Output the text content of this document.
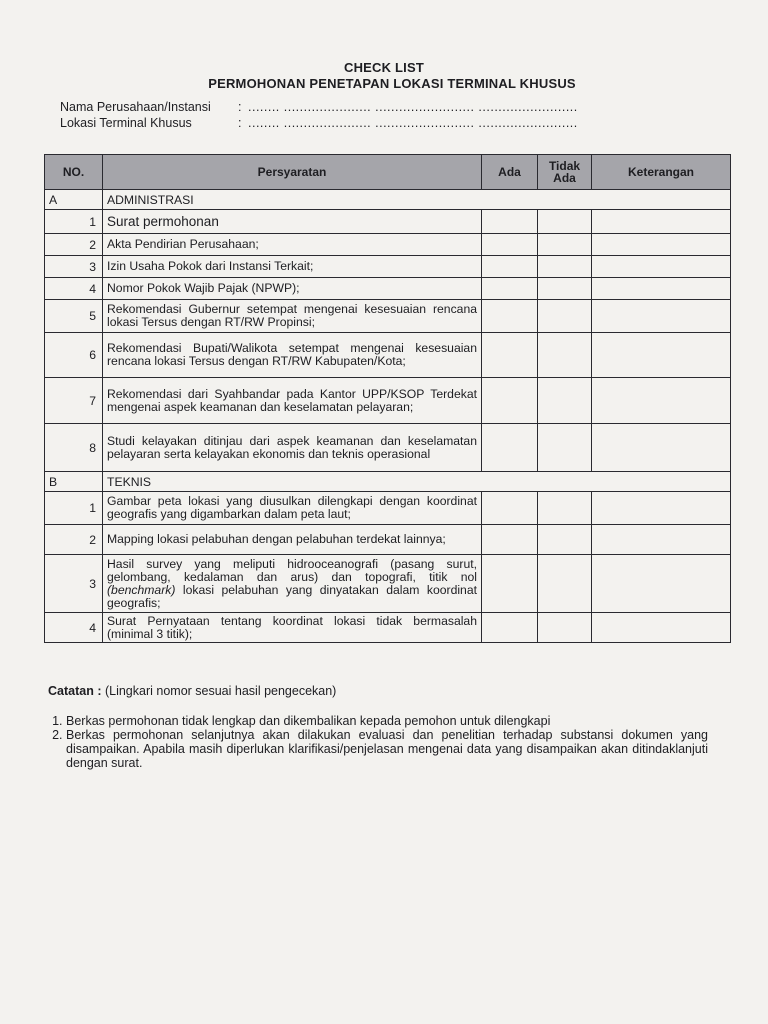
CHECK LIST
PERMOHONAN PENETAPAN LOKASI TERMINAL KHUSUS
Nama Perusahaan/Instansi : ........ ...................... ......................... .........................
Lokasi Terminal Khusus	: ........ ...................... ......................... .........................
NO.	Persyaratan	Ada	Tidak Ada	Keterangan
A	ADMINISTRASI			
1	Surat permohonan			
2	Akta Pendirian Perusahaan;			
3	Izin Usaha Pokok dari Instansi Terkait;			
4	Nomor Pokok Wajib Pajak (NPWP);			
5	Rekomendasi Gubernur setempat mengenai kesesuaian rencana lokasi Tersus dengan RT/RW Propinsi;			
6	Rekomendasi Bupati/Walikota setempat mengenai kesesuaian rencana lokasi Tersus dengan RT/RW Kabupaten/Kota;			
7	Rekomendasi dari Syahbandar pada Kantor UPP/KSOP Terdekat mengenai aspek keamanan dan keselamatan pelayaran;			
8	Studi kelayakan ditinjau dari aspek keamanan dan keselamatan pelayaran serta kelayakan ekonomis dan teknis operasional			
B	TEKNIS			
1	Gambar peta lokasi yang diusulkan dilengkapi dengan koordinat geografis yang digambarkan dalam peta laut;			
2	Mapping lokasi pelabuhan dengan pelabuhan terdekat lainnya;			
3	Hasil survey yang meliputi hidrooceanografi (pasang surut, gelombang, kedalaman dan arus) dan topografi, titik nol (benchmark) lokasi pelabuhan yang dinyatakan dalam koordinat geografis;			
4	Surat Pernyataan tentang koordinat lokasi tidak bermasalah (minimal 3 titik);			
Catatan : (Lingkari nomor sesuai hasil pengecekan)
1. Berkas permohonan tidak lengkap dan dikembalikan kepada pemohon untuk dilengkapi
2. Berkas permohonan selanjutnya akan dilakukan evaluasi dan penelitian terhadap substansi dokumen yang disampaikan. Apabila masih diperlukan klarifikasi/penjelasan mengenai data yang disampaikan akan ditindaklanjuti dengan surat.
